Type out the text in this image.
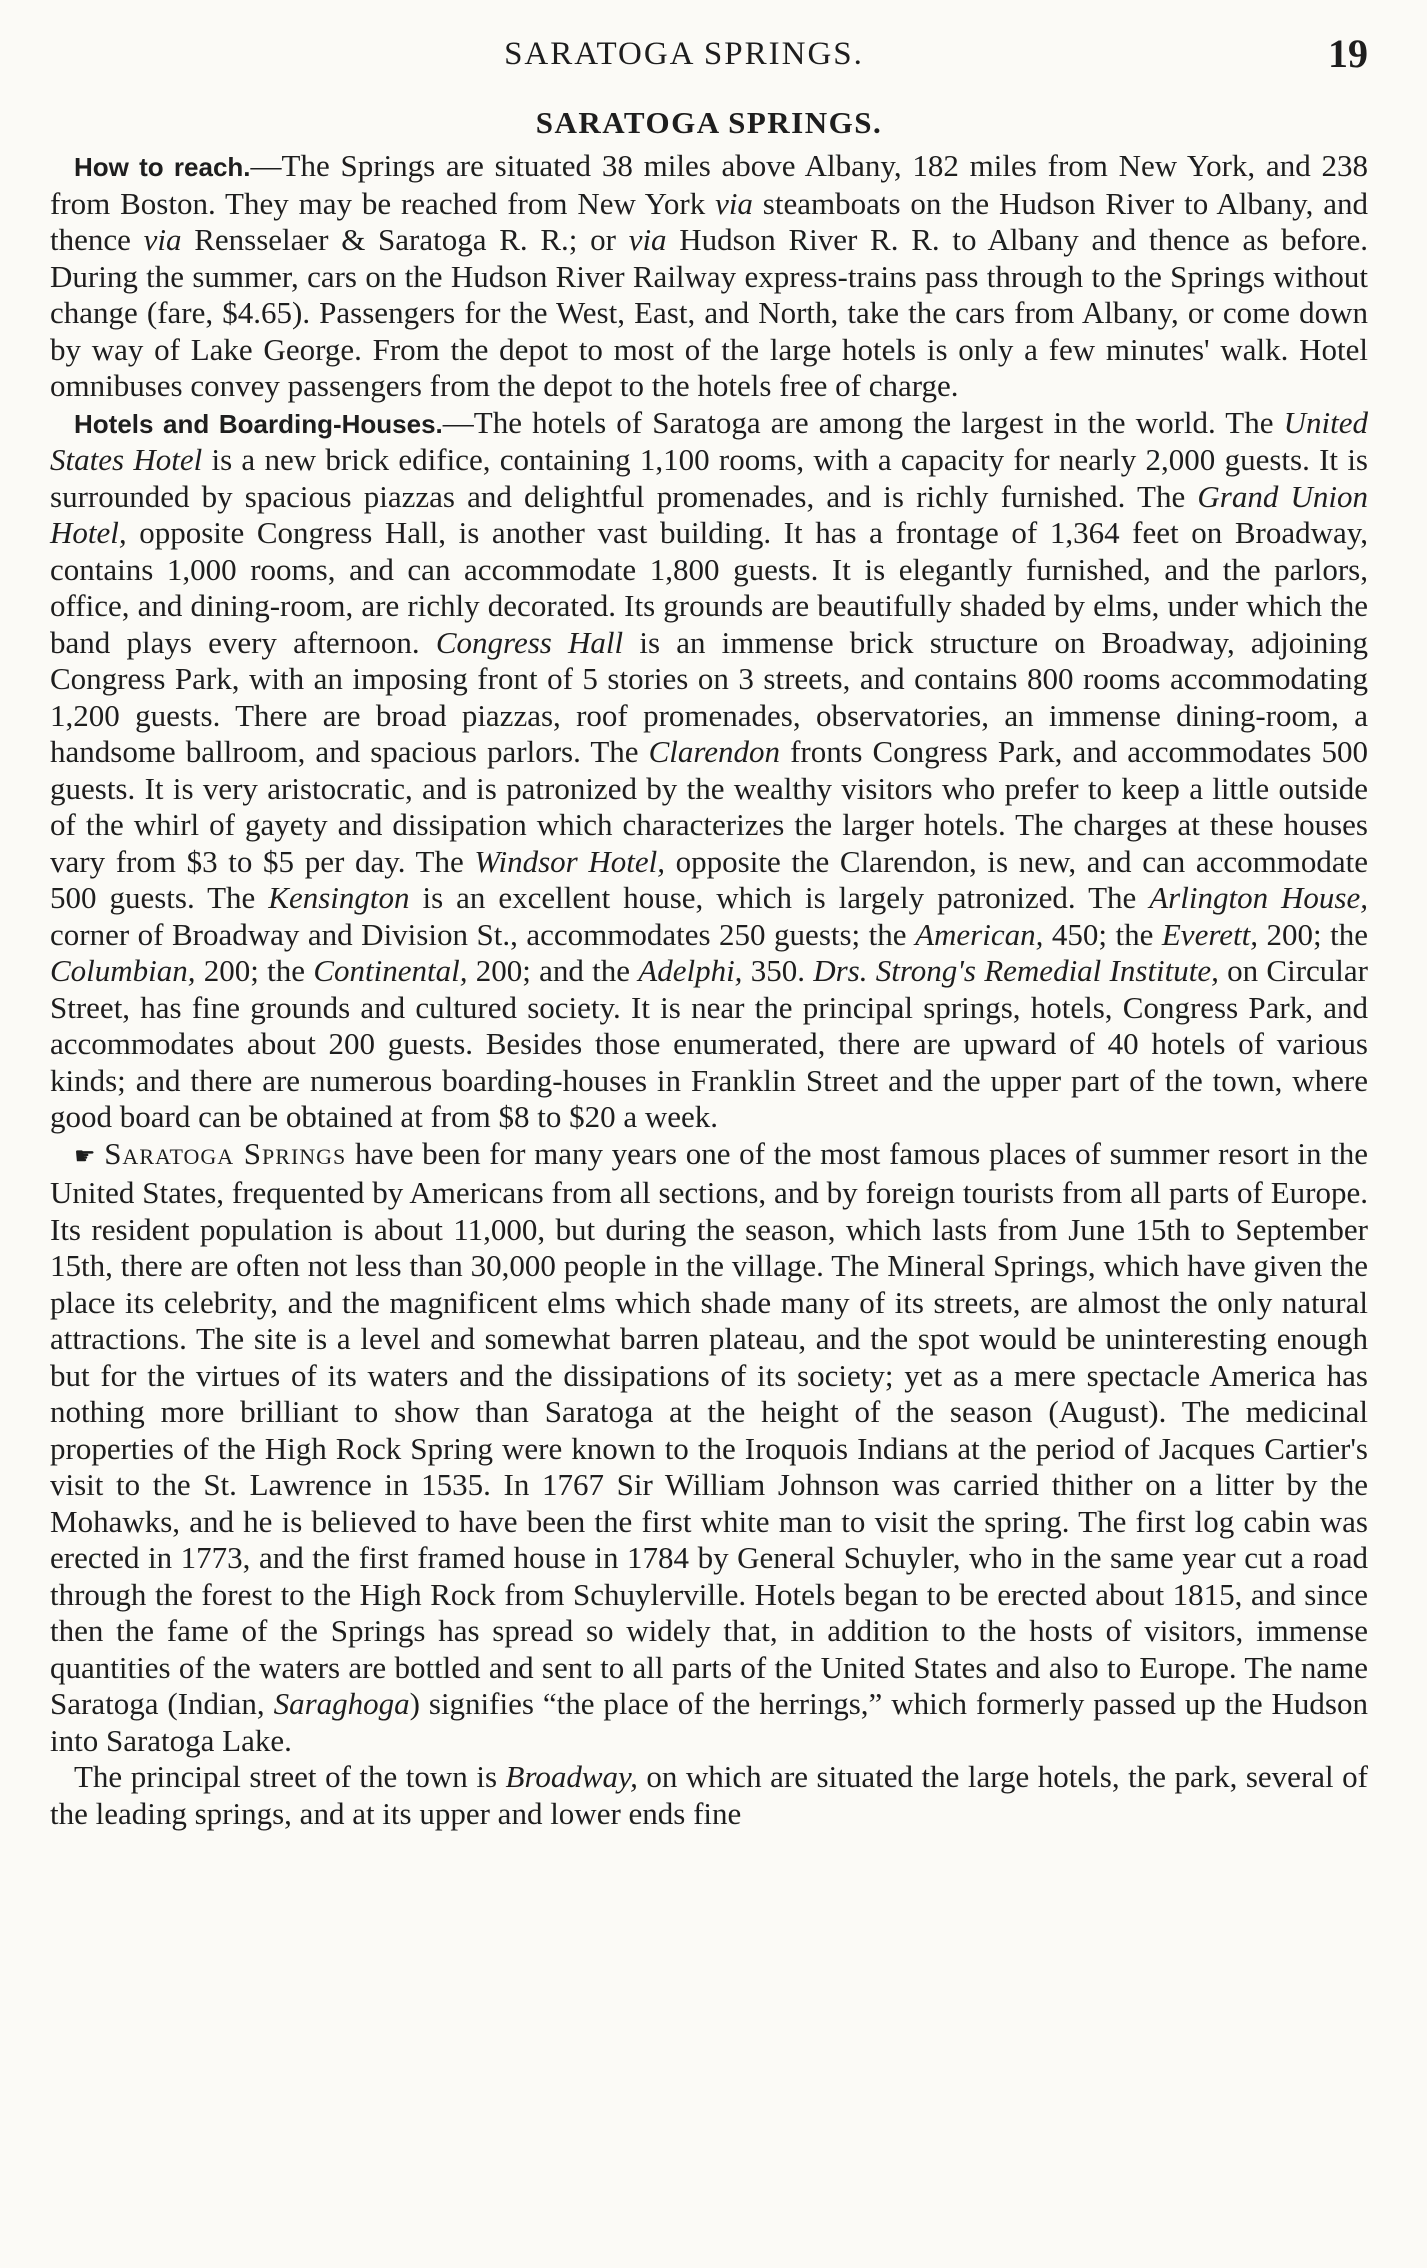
SARATOGA SPRINGS.	19
SARATOGA SPRINGS.

How to reach.—The Springs are situated 38 miles above Albany, 182 miles from New York, and 238 from Boston. They may be reached from New York via steamboats on the Hudson River to Albany, and thence via Rensselaer & Saratoga R. R.; or via Hudson River R. R. to Albany and thence as before. During the summer, cars on the Hudson River Railway express-trains pass through to the Springs without change (fare, $4.65). Passengers for the West, East, and North, take the cars from Albany, or come down by way of Lake George. From the depot to most of the large hotels is only a few minutes' walk. Hotel omnibuses convey passengers from the depot to the hotels free of charge.

Hotels and Boarding-Houses.—The hotels of Saratoga are among the largest in the world. The United States Hotel is a new brick edifice, containing 1,100 rooms, with a capacity for nearly 2,000 guests. It is surrounded by spacious piazzas and delightful promenades, and is richly furnished. The Grand Union Hotel, opposite Congress Hall, is another vast building. It has a frontage of 1,364 feet on Broadway, contains 1,000 rooms, and can accommodate 1,800 guests. It is elegantly furnished, and the parlors, office, and dining-room, are richly decorated. Its grounds are beautifully shaded by elms, under which the band plays every afternoon. Congress Hall is an immense brick structure on Broadway, adjoining Congress Park, with an imposing front of 5 stories on 3 streets, and contains 800 rooms accommodating 1,200 guests. There are broad piazzas, roof promenades, observatories, an immense dining-room, a handsome ballroom, and spacious parlors. The Clarendon fronts Congress Park, and accommodates 500 guests. It is very aristocratic, and is patronized by the wealthy visitors who prefer to keep a little outside of the whirl of gayety and dissipation which characterizes the larger hotels. The charges at these houses vary from $3 to $5 per day. The Windsor Hotel, opposite the Clarendon, is new, and can accommodate 500 guests. The Kensington is an excellent house, which is largely patronized. The Arlington House, corner of Broadway and Division St., accommodates 250 guests; the American, 450; the Everett, 200; the Columbian, 200; the Continental, 200; and the Adelphi, 350. Drs. Strong's Remedial Institute, on Circular Street, has fine grounds and cultured society. It is near the principal springs, hotels, Congress Park, and accommodates about 200 guests. Besides those enumerated, there are upward of 40 hotels of various kinds; and there are numerous boarding-houses in Franklin Street and the upper part of the town, where good board can be obtained at from $8 to $20 a week.

☛ Saratoga Springs have been for many years one of the most famous places of summer resort in the United States, frequented by Americans from all sections, and by foreign tourists from all parts of Europe. Its resident population is about 11,000, but during the season, which lasts from June 15th to September 15th, there are often not less than 30,000 people in the village. The Mineral Springs, which have given the place its celebrity, and the magnificent elms which shade many of its streets, are almost the only natural attractions. The site is a level and somewhat barren plateau, and the spot would be uninteresting enough but for the virtues of its waters and the dissipations of its society; yet as a mere spectacle America has nothing more brilliant to show than Saratoga at the height of the season (August). The medicinal properties of the High Rock Spring were known to the Iroquois Indians at the period of Jacques Cartier's visit to the St. Lawrence in 1535. In 1767 Sir William Johnson was carried thither on a litter by the Mohawks, and he is believed to have been the first white man to visit the spring. The first log cabin was erected in 1773, and the first framed house in 1784 by General Schuyler, who in the same year cut a road through the forest to the High Rock from Schuylerville. Hotels began to be erected about 1815, and since then the fame of the Springs has spread so widely that, in addition to the hosts of visitors, immense quantities of the waters are bottled and sent to all parts of the United States and also to Europe. The name Saratoga (Indian, Saraghoga) signifies “the place of the herrings,” which formerly passed up the Hudson into Saratoga Lake.

The principal street of the town is Broadway, on which are situated the large hotels, the park, several of the leading springs, and at its upper and lower ends fine
